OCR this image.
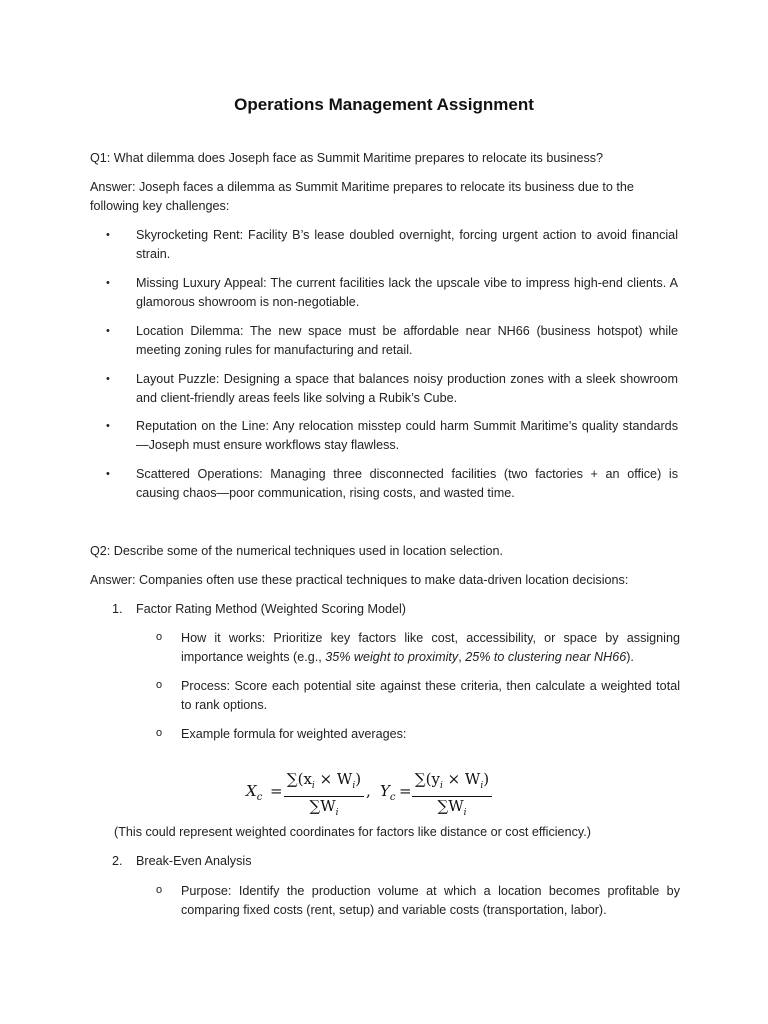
Operations Management Assignment

Q1: What dilemma does Joseph face as Summit Maritime prepares to relocate its business?

Answer: Joseph faces a dilemma as Summit Maritime prepares to relocate its business due to the following key challenges:

• Skyrocketing Rent: Facility B’s lease doubled overnight, forcing urgent action to avoid financial strain.
• Missing Luxury Appeal: The current facilities lack the upscale vibe to impress high-end clients. A glamorous showroom is non-negotiable.
• Location Dilemma: The new space must be affordable near NH66 (business hotspot) while meeting zoning rules for manufacturing and retail.
• Layout Puzzle: Designing a space that balances noisy production zones with a sleek showroom and client-friendly areas feels like solving a Rubik’s Cube.
• Reputation on the Line: Any relocation misstep could harm Summit Maritime’s quality standards—Joseph must ensure workflows stay flawless.
• Scattered Operations: Managing three disconnected facilities (two factories + an office) is causing chaos—poor communication, rising costs, and wasted time.

Q2: Describe some of the numerical techniques used in location selection.

Answer: Companies often use these practical techniques to make data-driven location decisions:

1. Factor Rating Method (Weighted Scoring Model)
o How it works: Prioritize key factors like cost, accessibility, or space by assigning importance weights (e.g., 35% weight to proximity, 25% to clustering near NH66).
o Process: Score each potential site against these criteria, then calculate a weighted total to rank options.
o Example formula for weighted averages:
$X_c = \frac{\sum(x_i \times W_i)}{\sum W_i}$ , $Y_c = \frac{\sum(y_i \times W_i)}{\sum W_i}$

(This could represent weighted coordinates for factors like distance or cost efficiency.)

2. Break-Even Analysis
o Purpose: Identify the production volume at which a location becomes profitable by comparing fixed costs (rent, setup) and variable costs (transportation, labor).
